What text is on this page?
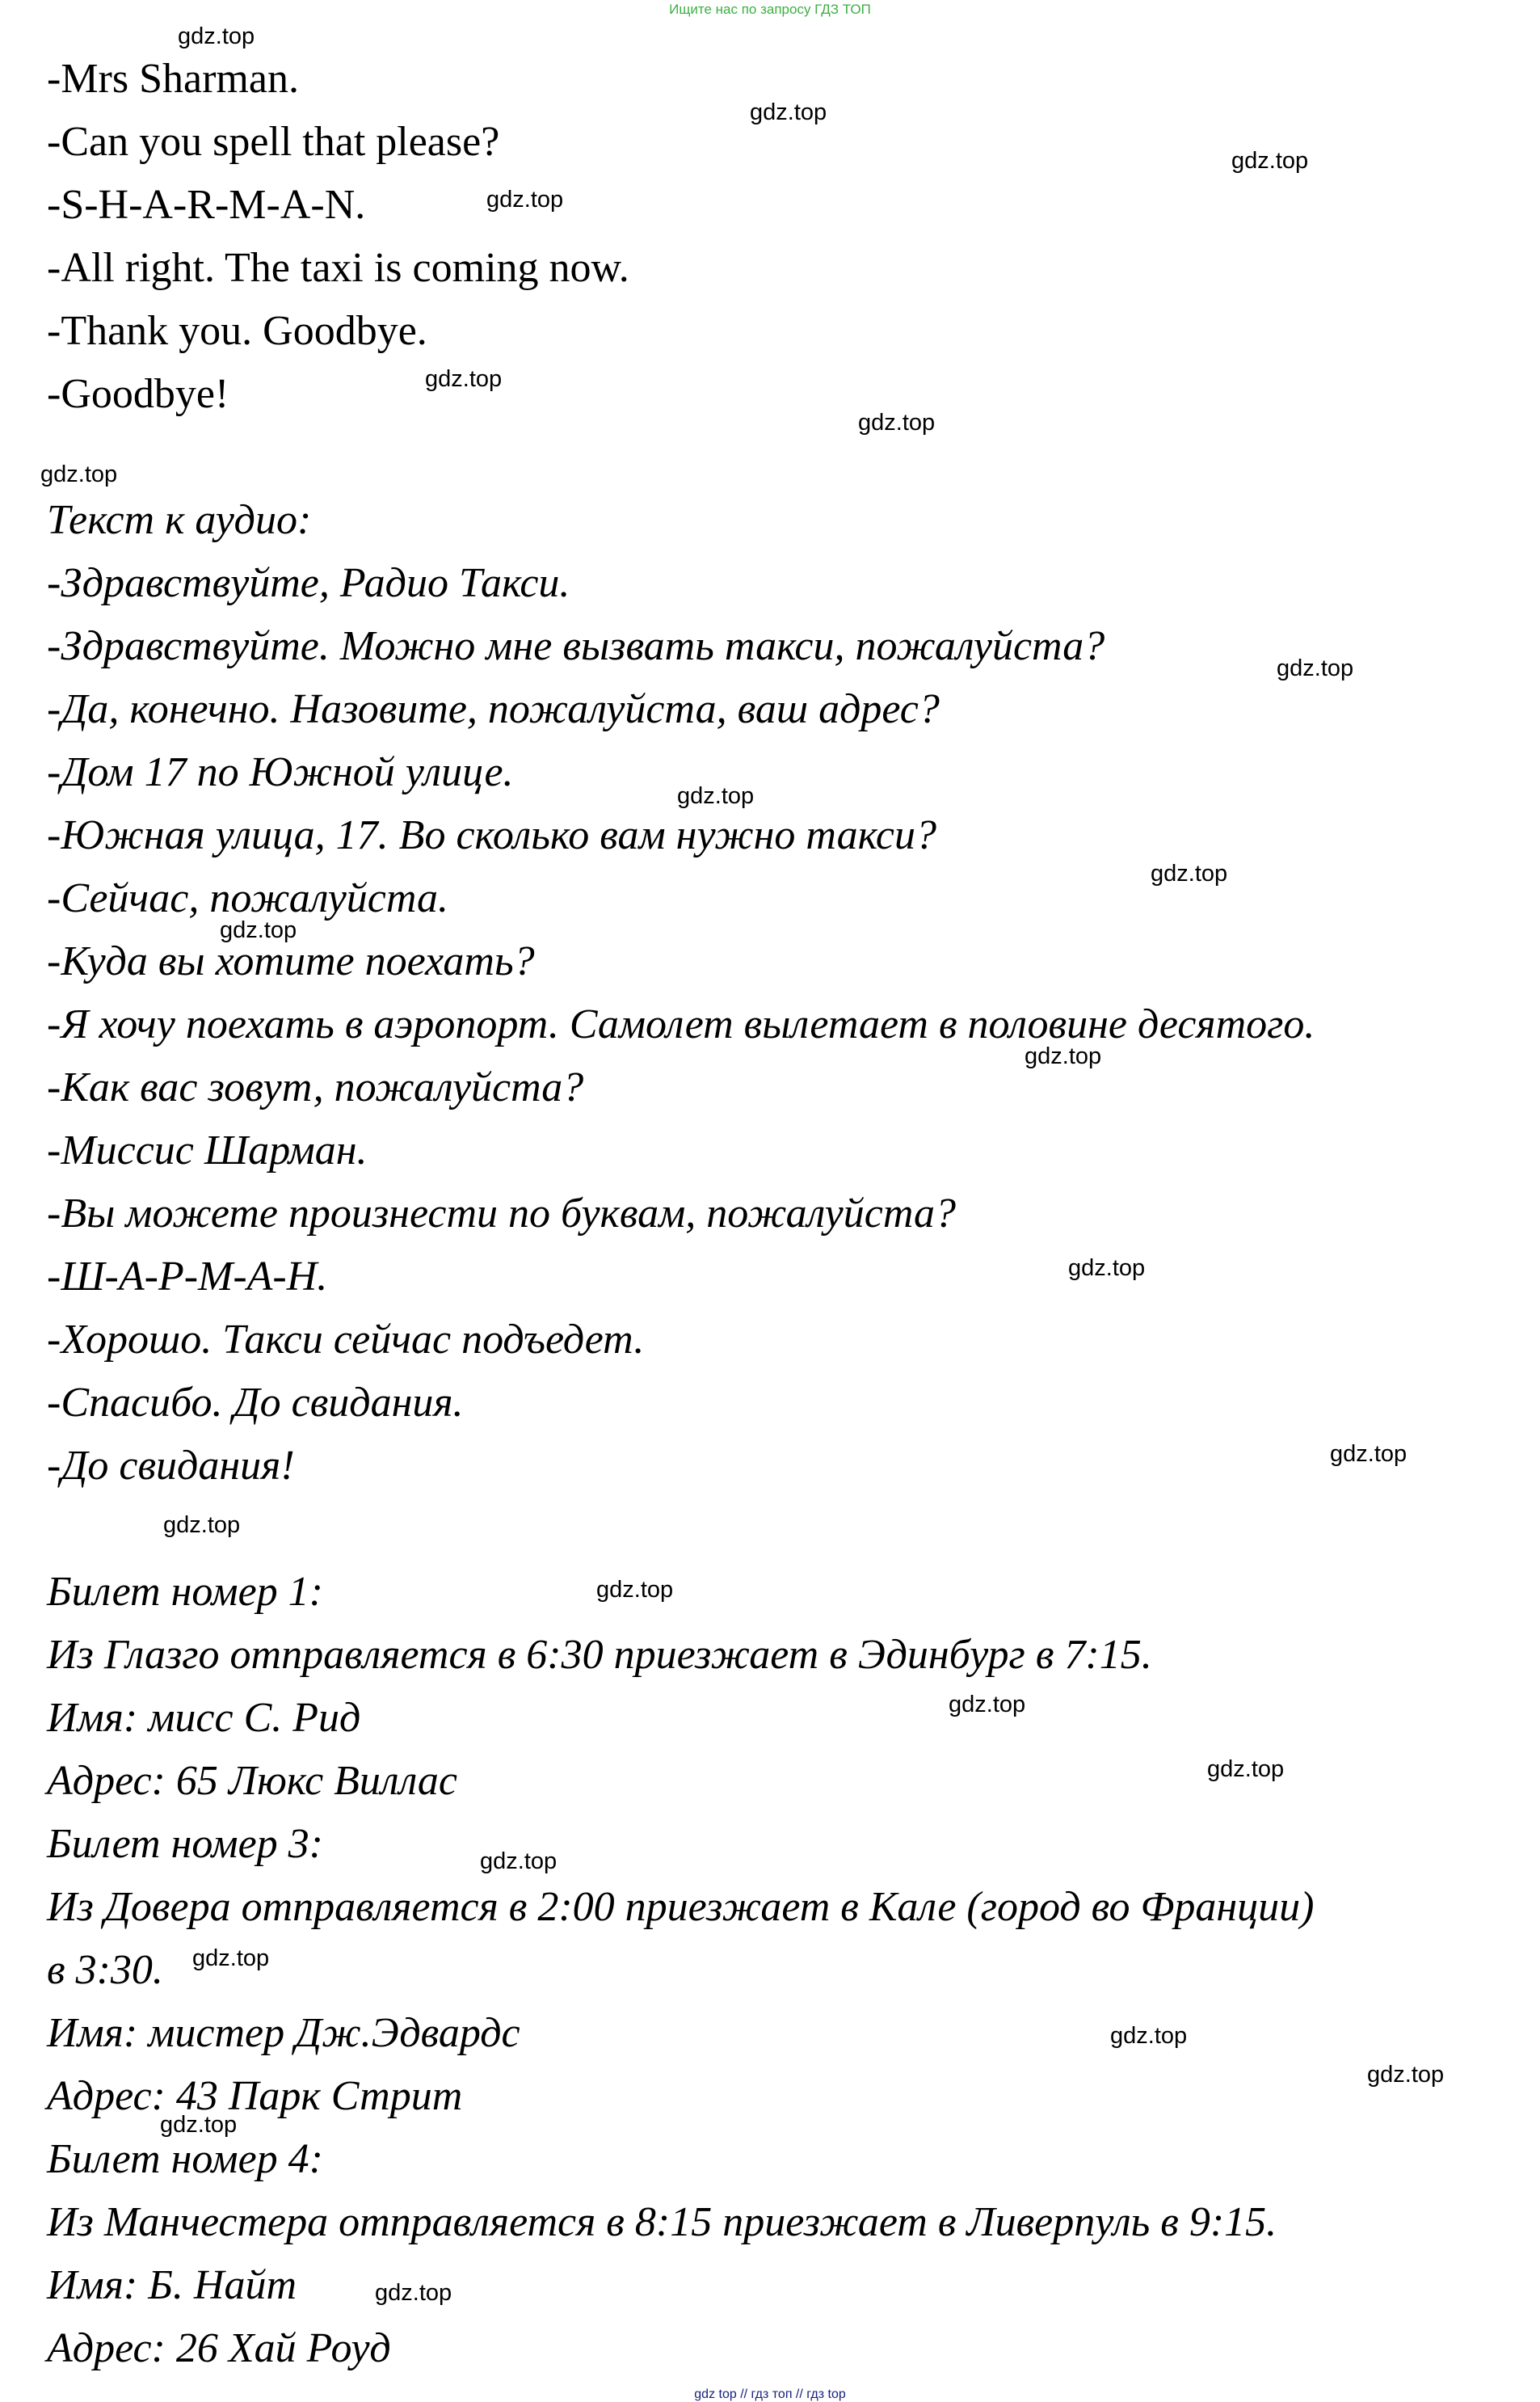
Ищите нас по запросу ГДЗ ТОП
-Mrs Sharman.
-Can you spell that please?
-S-H-A-R-M-A-N.
-All right. The taxi is coming now.
-Thank you. Goodbye.
-Goodbye!
Текст к аудио:
-Здравствуйте, Радио Такси.
-Здравствуйте. Можно мне вызвать такси, пожалуйста?
-Да, конечно. Назовите, пожалуйста, ваш адрес?
-Дом 17 по Южной улице.
-Южная улица, 17. Во сколько вам нужно такси?
-Сейчас, пожалуйста.
-Куда вы хотите поехать?
-Я хочу поехать в аэропорт. Самолет вылетает в половине десятого.
-Как вас зовут, пожалуйста?
-Миссис Шарман.
-Вы можете произнести по буквам, пожалуйста?
-Ш-А-Р-М-А-Н.
-Хорошо. Такси сейчас подъедет.
-Спасибо. До свидания.
-До свидания!
Билет номер 1:
Из Глазго отправляется в 6:30 приезжает в Эдинбург в 7:15.
Имя: мисс С. Рид
Адрес: 65 Люкс Виллас
Билет номер 3:
Из Довера отправляется в 2:00 приезжает в Кале (город во Франции)
в 3:30.
Имя: мистер Дж.Эдвардс
Адрес: 43 Парк Стрит
Билет номер 4:
Из Манчестера отправляется в 8:15 приезжает в Ливерпуль в 9:15.
Имя: Б. Найт
Адрес: 26 Хай Роуд
gdz.top
gdz.top
gdz.top
gdz.top
gdz.top
gdz.top
gdz.top
gdz.top
gdz.top
gdz.top
gdz.top
gdz.top
gdz.top
gdz.top
gdz.top
gdz.top
gdz.top
gdz.top
gdz.top
gdz.top
gdz.top
gdz.top
gdz.top
gdz.top
gdz top // гдз топ // гдз top
